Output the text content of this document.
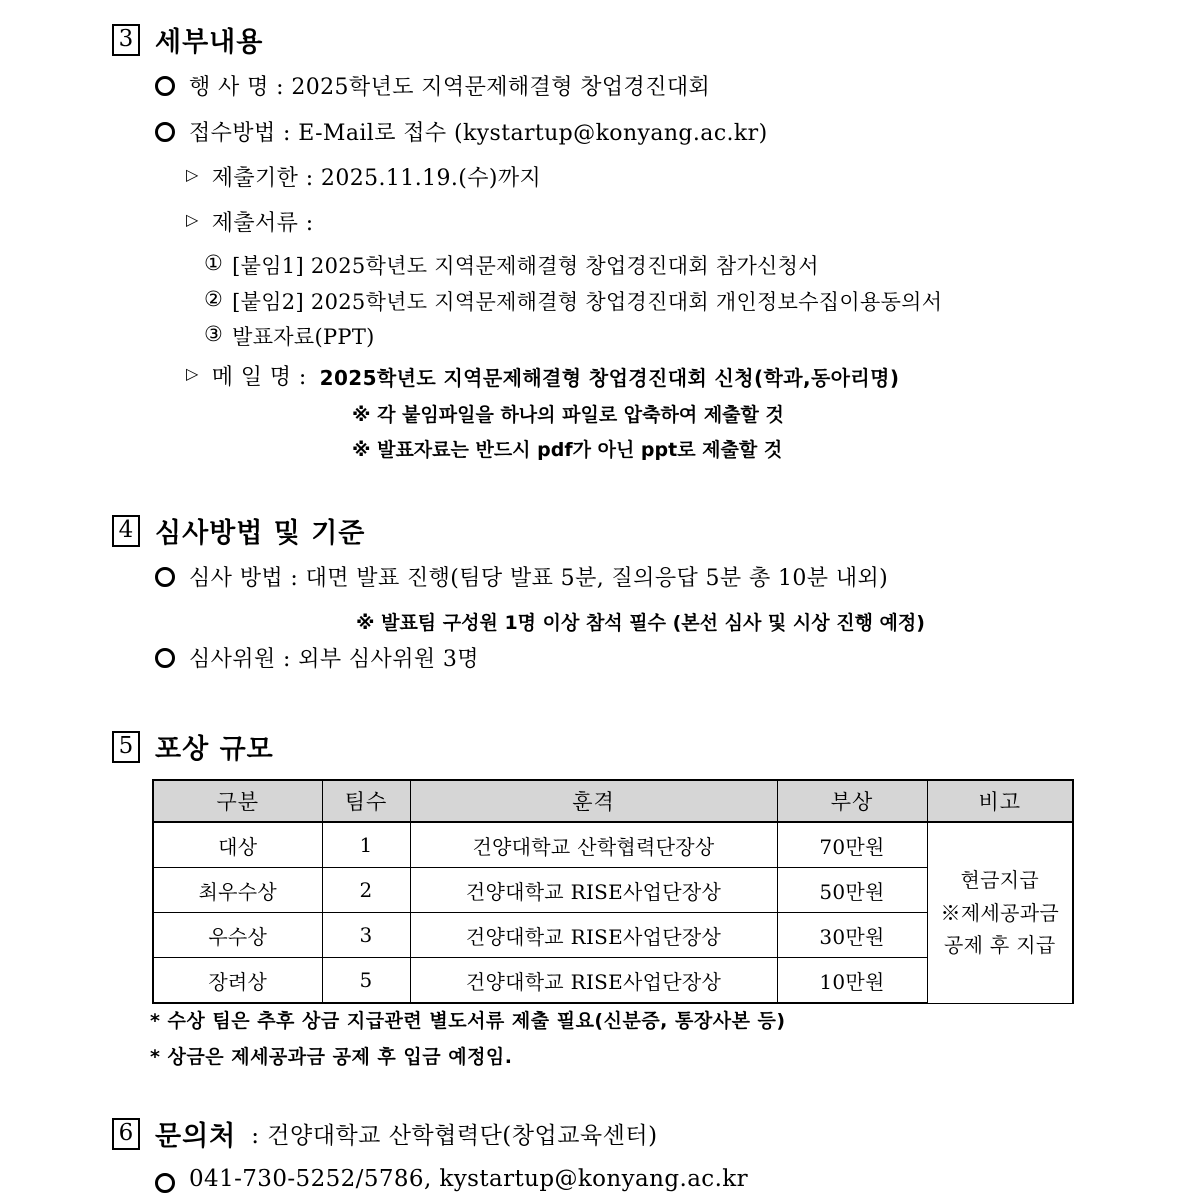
3 세부내용
행 사 명 : 2025학년도 지역문제해결형 창업경진대회
접수방법 : E-Mail로 접수 (kystartup@konyang.ac.kr)
▷ 제출기한 : 2025.11.19.(수)까지
▷ 제출서류 :
① [붙임1] 2025학년도 지역문제해결형 창업경진대회 참가신청서
② [붙임2] 2025학년도 지역문제해결형 창업경진대회 개인정보수집이용동의서
③ 발표자료(PPT)
▷ 메 일 명 : 2025학년도 지역문제해결형 창업경진대회 신청(학과,동아리명)
※ 각 붙임파일을 하나의 파일로 압축하여 제출할 것
※ 발표자료는 반드시 pdf가 아닌 ppt로 제출할 것
4 심사방법 및 기준
심사 방법 : 대면 발표 진행(팀당 발표 5분, 질의응답 5분 총 10분 내외)
※ 발표팀 구성원 1명 이상 참석 필수 (본선 심사 및 시상 진행 예정)
심사위원 : 외부 심사위원 3명
5 포상 규모
구분	팀수	훈격	부상	비고
대상	1	건양대학교 산학협력단장상	70만원	현금지급
※제세공과금
공제 후 지급

최우수상	2	건양대학교 RISE사업단장상	50만원	
우수상	3	건양대학교 RISE사업단장상	30만원	
장려상	5	건양대학교 RISE사업단장상	10만원	
* 수상 팀은 추후 상금 지급관련 별도서류 제출 필요(신분증, 통장사본 등)
* 상금은 제세공과금 공제 후 입금 예정임.
6 문의처 : 건양대학교 산학협력단(창업교육센터)
041-730-5252/5786, kystartup@konyang.ac.kr
